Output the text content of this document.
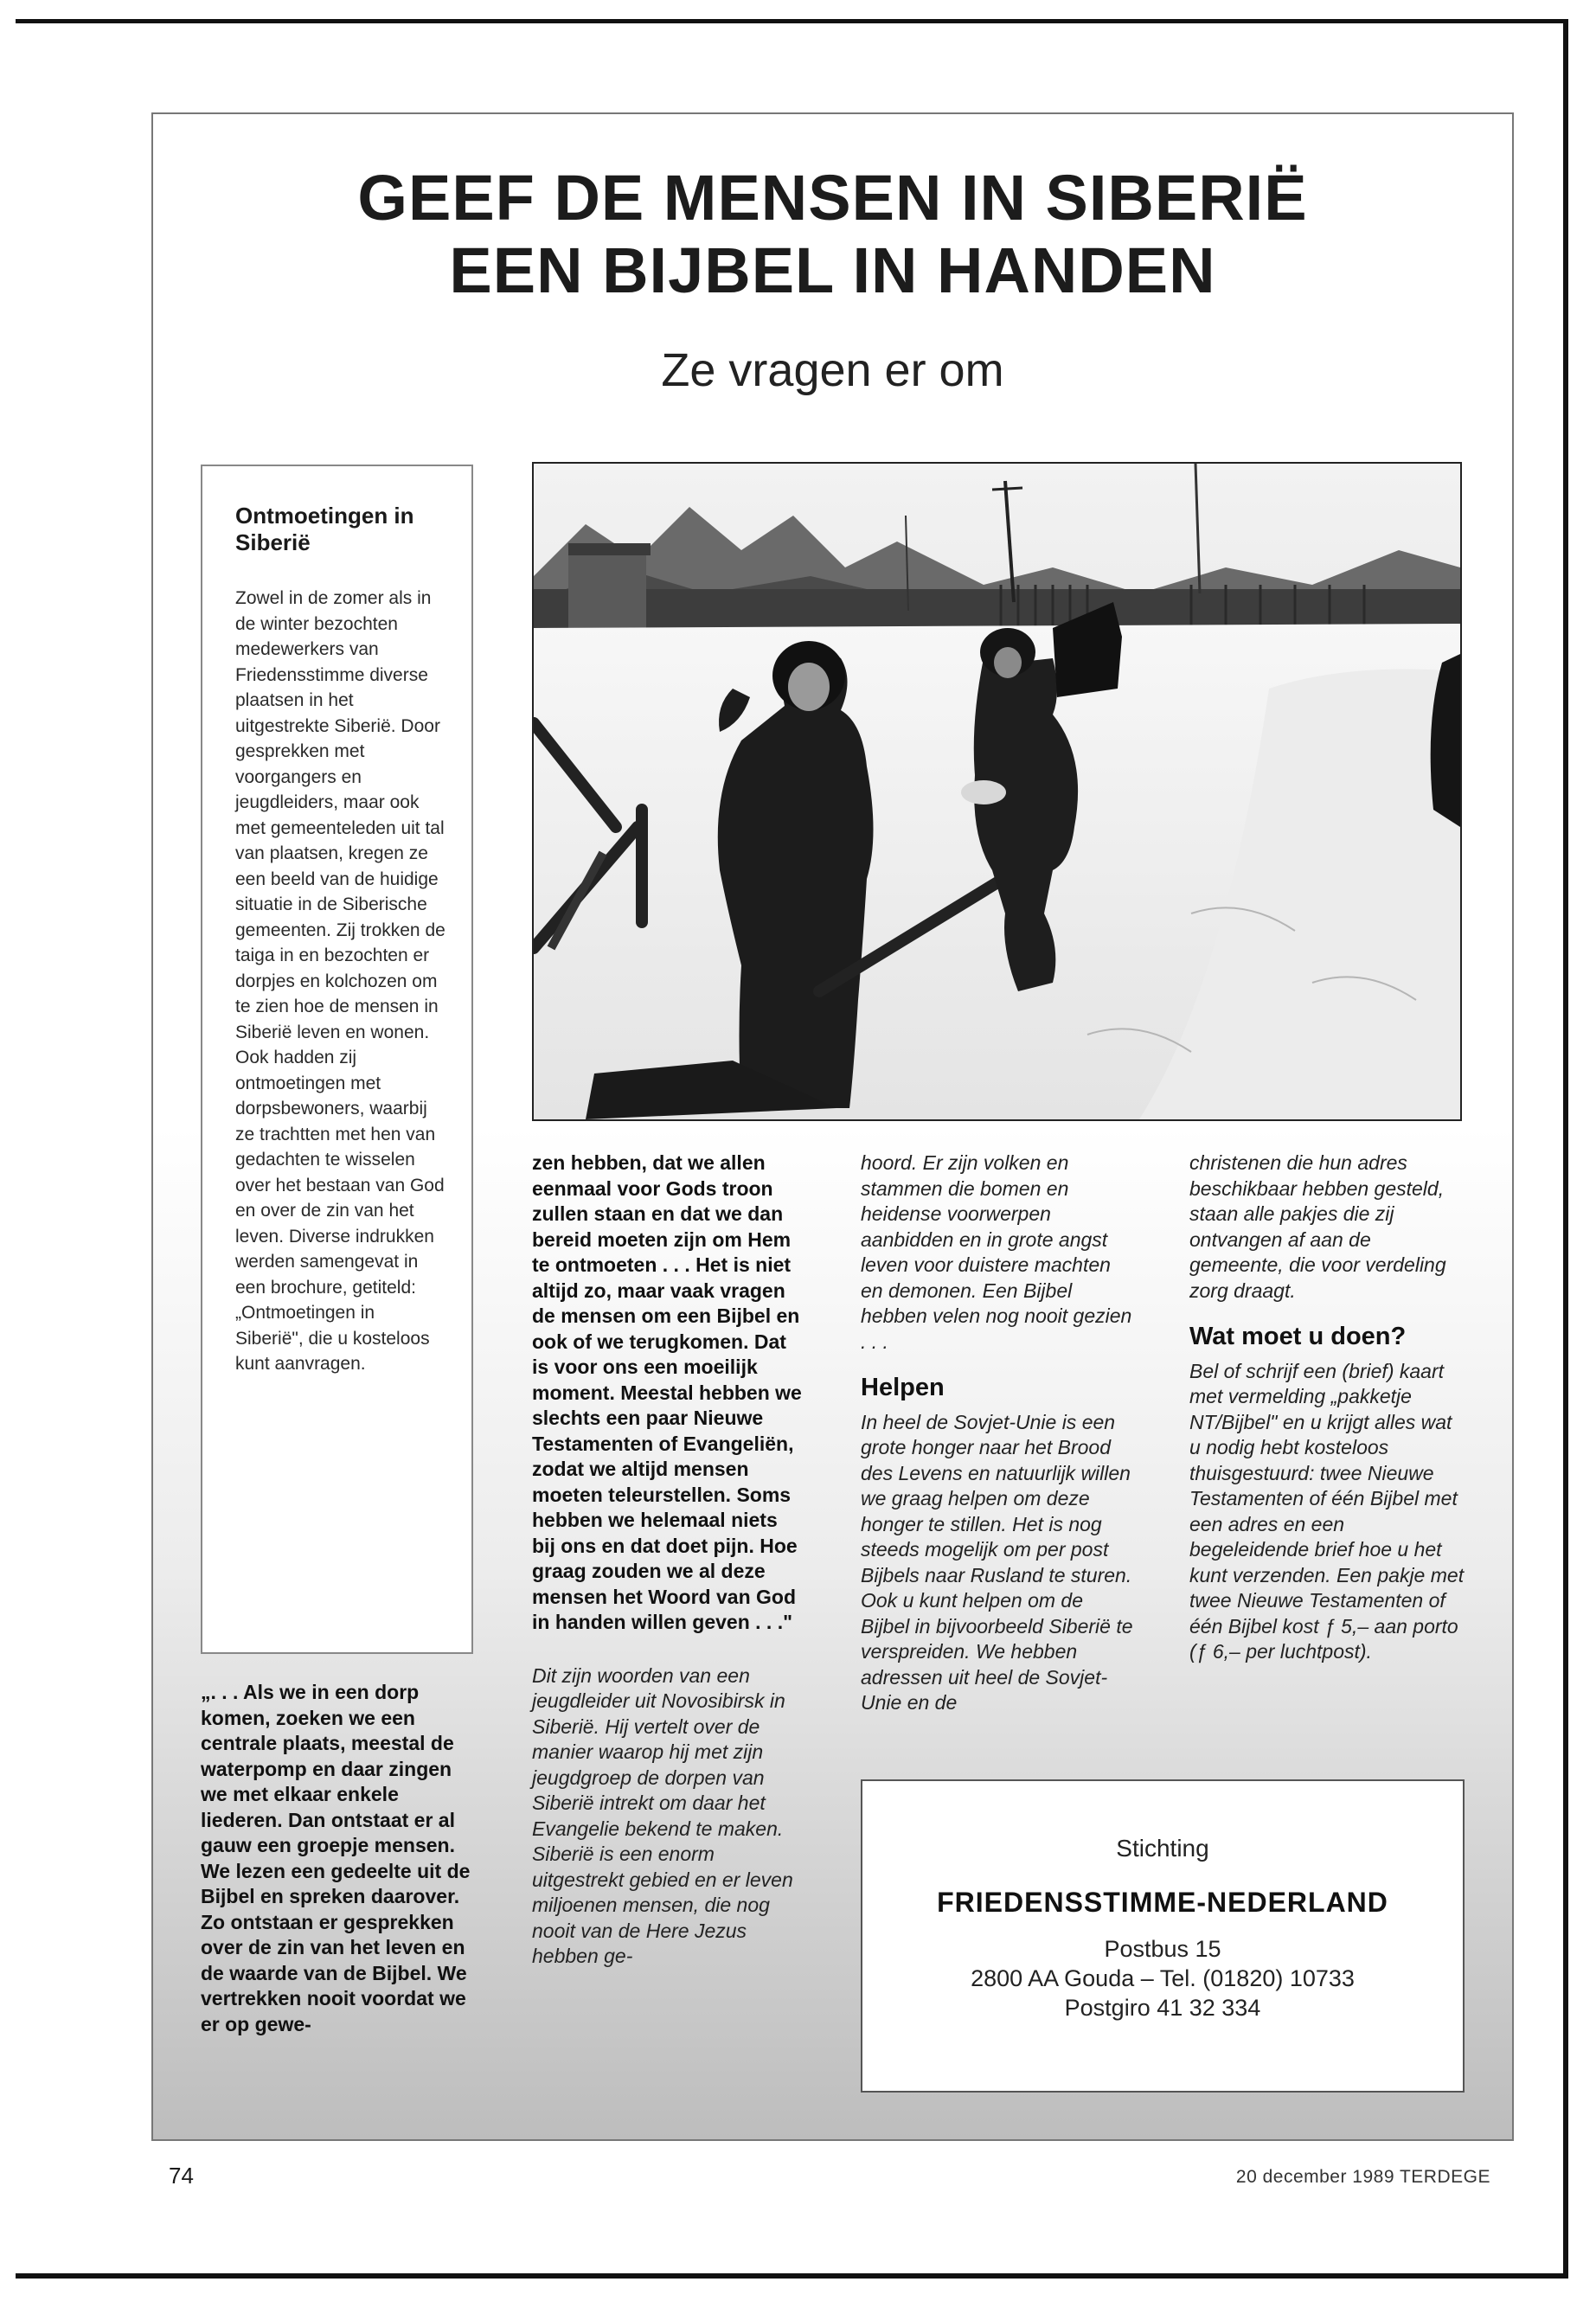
GEEF DE MENSEN IN SIBERIË
EEN BIJBEL IN HANDEN
Ze vragen er om
Ontmoetingen in Siberië
Zowel in de zomer als in de winter bezochten medewerkers van Friedensstimme diverse plaatsen in het uitgestrekte Siberië. Door gesprekken met voorgangers en jeugdleiders, maar ook met gemeenteleden uit tal van plaatsen, kregen ze een beeld van de huidige situatie in de Siberische gemeenten. Zij trokken de taiga in en bezochten er dorpjes en kolchozen om te zien hoe de mensen in Siberië leven en wonen. Ook hadden zij ontmoetingen met dorpsbewoners, waarbij ze trachtten met hen van gedachten te wisselen over het bestaan van God en over de zin van het leven. Diverse indrukken werden samengevat in een brochure, getiteld: „Ontmoetingen in Siberië", die u kosteloos kunt aanvragen.
„. . . Als we in een dorp komen, zoeken we een centrale plaats, meestal de waterpomp en daar zingen we met elkaar enkele liederen. Dan ontstaat er al gauw een groepje mensen. We lezen een gedeelte uit de Bijbel en spreken daarover. Zo ontstaan er gesprekken over de zin van het leven en de waarde van de Bijbel. We vertrekken nooit voordat we er op gewe-
zen hebben, dat we allen eenmaal voor Gods troon zullen staan en dat we dan bereid moeten zijn om Hem te ontmoeten . . . Het is niet altijd zo, maar vaak vragen de mensen om een Bijbel en ook of we terugkomen. Dat is voor ons een moeilijk moment. Meestal hebben we slechts een paar Nieuwe Testamenten of Evangeliën, zodat we altijd mensen moeten teleurstellen. Soms hebben we helemaal niets bij ons en dat doet pijn. Hoe graag zouden we al deze mensen het Woord van God in handen willen geven . . ."
Dit zijn woorden van een jeugdleider uit Novosibirsk in Siberië. Hij vertelt over de manier waarop hij met zijn jeugdgroep de dorpen van Siberië intrekt om daar het Evangelie bekend te maken. Siberië is een enorm uitgestrekt gebied en er leven miljoenen mensen, die nog nooit van de Here Jezus hebben ge-
hoord. Er zijn volken en stammen die bomen en heidense voorwerpen aanbidden en in grote angst leven voor duistere machten en demonen. Een Bijbel hebben velen nog nooit gezien . . .
Helpen
In heel de Sovjet-Unie is een grote honger naar het Brood des Levens en natuurlijk willen we graag helpen om deze honger te stillen. Het is nog steeds mogelijk om per post Bijbels naar Rusland te sturen. Ook u kunt helpen om de Bijbel in bijvoorbeeld Siberië te verspreiden. We hebben adressen uit heel de Sovjet-Unie en de
christenen die hun adres beschikbaar hebben gesteld, staan alle pakjes die zij ontvangen af aan de gemeente, die voor verdeling zorg draagt.
Wat moet u doen?
Bel of schrijf een (brief) kaart met vermelding „pakketje NT/Bijbel" en u krijgt alles wat u nodig hebt kosteloos thuisgestuurd: twee Nieuwe Testamenten of één Bijbel met een adres en een begeleidende brief hoe u het kunt verzenden. Een pakje met twee Nieuwe Testamenten of één Bijbel kost ƒ 5,– aan porto (ƒ 6,– per luchtpost).
Stichting
FRIEDENSSTIMME-NEDERLAND
Postbus 15
2800 AA Gouda – Tel. (01820) 10733
Postgiro 41 32 334
74	20 december 1989 TERDEGE
